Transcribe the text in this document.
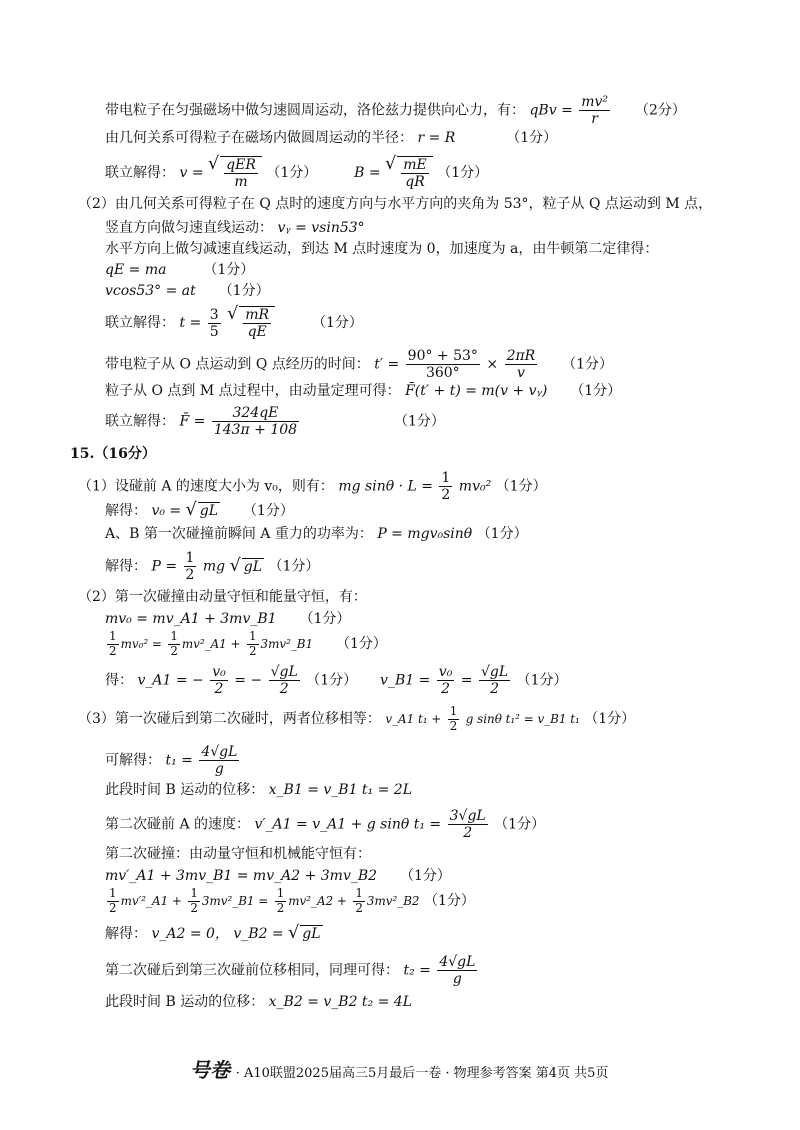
带电粒子在匀强磁场中做匀速圆周运动，洛伦兹力提供向心力，有： qBv = $\frac{\text{mv²}}{r} (2$分）
由几何关系可得粒子在磁场内做圆周运动的半径： r = R	（1分）
联立解得： v = √ $\frac{\text{qER}}{m} (1$分）	B = √ $\frac{mE}{qR} (1$分）
（2）由几何关系可得粒子在 Q 点时的速度方向与水平方向的夹角为 53°，粒子从 Q 点运动到 M 点，
竖直方向做匀速直线运动： vᵧ = vsin53°
水平方向上做匀减速直线运动，到达 M 点时速度为 0，加速度为 a，由牛顿第二定律得：
qE = ma	（1分）
vcos53° = at （1分）
联立解得： $t = \frac{3}{5}$
√ $\frac{mR}{qE}$	（1分）
带电粒子从 O 点运动到 Q 点经历的时间： $t' = \frac{90^\circ + 53^\circ}{360^\circ} \times \frac{2\pi R}{v} (1$分）
粒子从 O 点到 M 点过程中，由动量定理可得： F̄(t′ + t) = m(v + vᵧ) （1分）
联立解得： F̄ = $\frac{324qE}{143\pi + 108}$	（1分）
15.（16分）
（1）设碰前 A 的速度大小为 v₀，则有： mg $\sin\theta \cdot L = \frac{1}{2} mv_0^2$ （1分）
解得： v₀ = √ gL （1分）
A、B 第一次碰撞前瞬间 A 重力的功率为： P = mgv₀sinθ （1分）
解得： $P = \frac{1}{2}$ mg √ gL （1分）
（2）第一次碰撞由动量守恒和能量守恒，有：
mv₀ = mv_A1 + 3mv_B1 （1分）
$\frac{1}{2} mv_0^2 = \frac{1}{2}$ mv²_A1 + $\frac{1}{2}$ 3mv²_B1 （1分）
得： v_A1 = − $\frac{\text{v₀}}{2}$ = − $\frac{√gL}{2} (1$分） v_B1 = $\frac{\text{v₀}}{2} = \frac{√gL}{2} (1$分）
（3）第一次碰后到第二次碰时，两者位移相等： v_A1 $t_1 + \frac{1}{2}$ g sinθ t₁² = v_B1 t₁ （1分）
可解得： $t_1 = \frac{4√gL}{g}$
此段时间 B 运动的位移： x_B1 = v_B1 t₁ = 2L
第二次碰前 A 的速度： v′_A1 = v_A1 + g sinθ $t_1 = \frac{3√gL}{2} (1$分）
第二次碰撞：由动量守恒和机械能守恒有：
mv′_A1 + 3mv_B1 = mv_A2 + 3mv_B2 （1分）
$\frac{1}{2}$ mv′²_A1 + $\frac{1}{2}$ 3mv²_B1 = $\frac{1}{2}$ mv²_A2 + $\frac{1}{2}$ 3mv²_B2 （1分）
解得： v_A2 = 0， v_B2 = √ gL
第二次碰后到第三次碰前位移相同，同理可得： $t_2 = \frac{4√gL}{g}$
此段时间 B 运动的位移： x_B2 = v_B2 t₂ = 4L
号卷 · A10联盟2025届高三5月最后一卷 · 物理参考答案 第4页 共5页
